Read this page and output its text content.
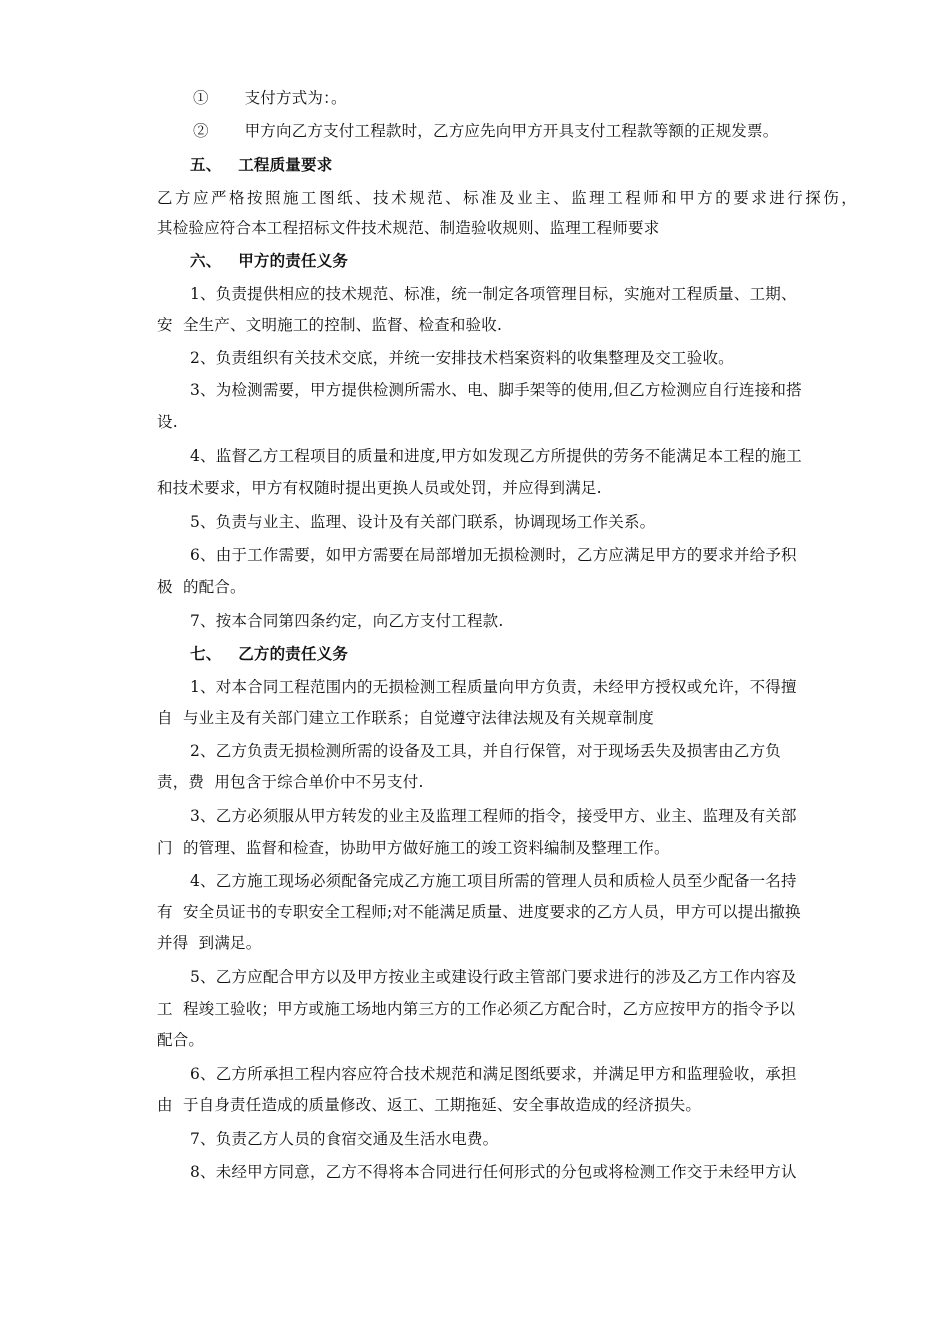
①       支付方式为：。
②       甲方向乙方支付工程款时，乙方应先向甲方开具支付工程款等额的正规发票。
五、   工程质量要求
乙方应严格按照施工图纸、技术规范、标准及业主、监理工程师和甲方的要求进行探伤，
其检验应符合本工程招标文件技术规范、制造验收规则、监理工程师要求
六、   甲方的责任义务
1、负责提供相应的技术规范、标准，统一制定各项管理目标，实施对工程质量、工期、
安  全生产、文明施工的控制、监督、检查和验收.
2、负责组织有关技术交底，并统一安排技术档案资料的收集整理及交工验收。
3、为检测需要，甲方提供检测所需水、电、脚手架等的使用,但乙方检测应自行连接和搭
设.
4、监督乙方工程项目的质量和进度,甲方如发现乙方所提供的劳务不能满足本工程的施工
和技术要求，甲方有权随时提出更换人员或处罚，并应得到满足.
5、负责与业主、监理、设计及有关部门联系，协调现场工作关系。
6、由于工作需要，如甲方需要在局部增加无损检测时，乙方应满足甲方的要求并给予积
极  的配合。
7、按本合同第四条约定，向乙方支付工程款.
七、   乙方的责任义务
1、对本合同工程范围内的无损检测工程质量向甲方负责，未经甲方授权或允许，不得擅
自  与业主及有关部门建立工作联系；自觉遵守法律法规及有关规章制度
2、乙方负责无损检测所需的设备及工具，并自行保管，对于现场丢失及损害由乙方负
责，费  用包含于综合单价中不另支付.
3、乙方必须服从甲方转发的业主及监理工程师的指令，接受甲方、业主、监理及有关部
门  的管理、监督和检查，协助甲方做好施工的竣工资料编制及整理工作。
4、乙方施工现场必须配备完成乙方施工项目所需的管理人员和质检人员至少配备一名持
有  安全员证书的专职安全工程师;对不能满足质量、进度要求的乙方人员，甲方可以提出撤换
并得  到满足。
5、乙方应配合甲方以及甲方按业主或建设行政主管部门要求进行的涉及乙方工作内容及
工  程竣工验收；甲方或施工场地内第三方的工作必须乙方配合时，乙方应按甲方的指令予以
配合。
6、乙方所承担工程内容应符合技术规范和满足图纸要求，并满足甲方和监理验收，承担
由  于自身责任造成的质量修改、返工、工期拖延、安全事故造成的经济损失。
7、负责乙方人员的食宿交通及生活水电费。
8、未经甲方同意，乙方不得将本合同进行任何形式的分包或将检测工作交于未经甲方认
